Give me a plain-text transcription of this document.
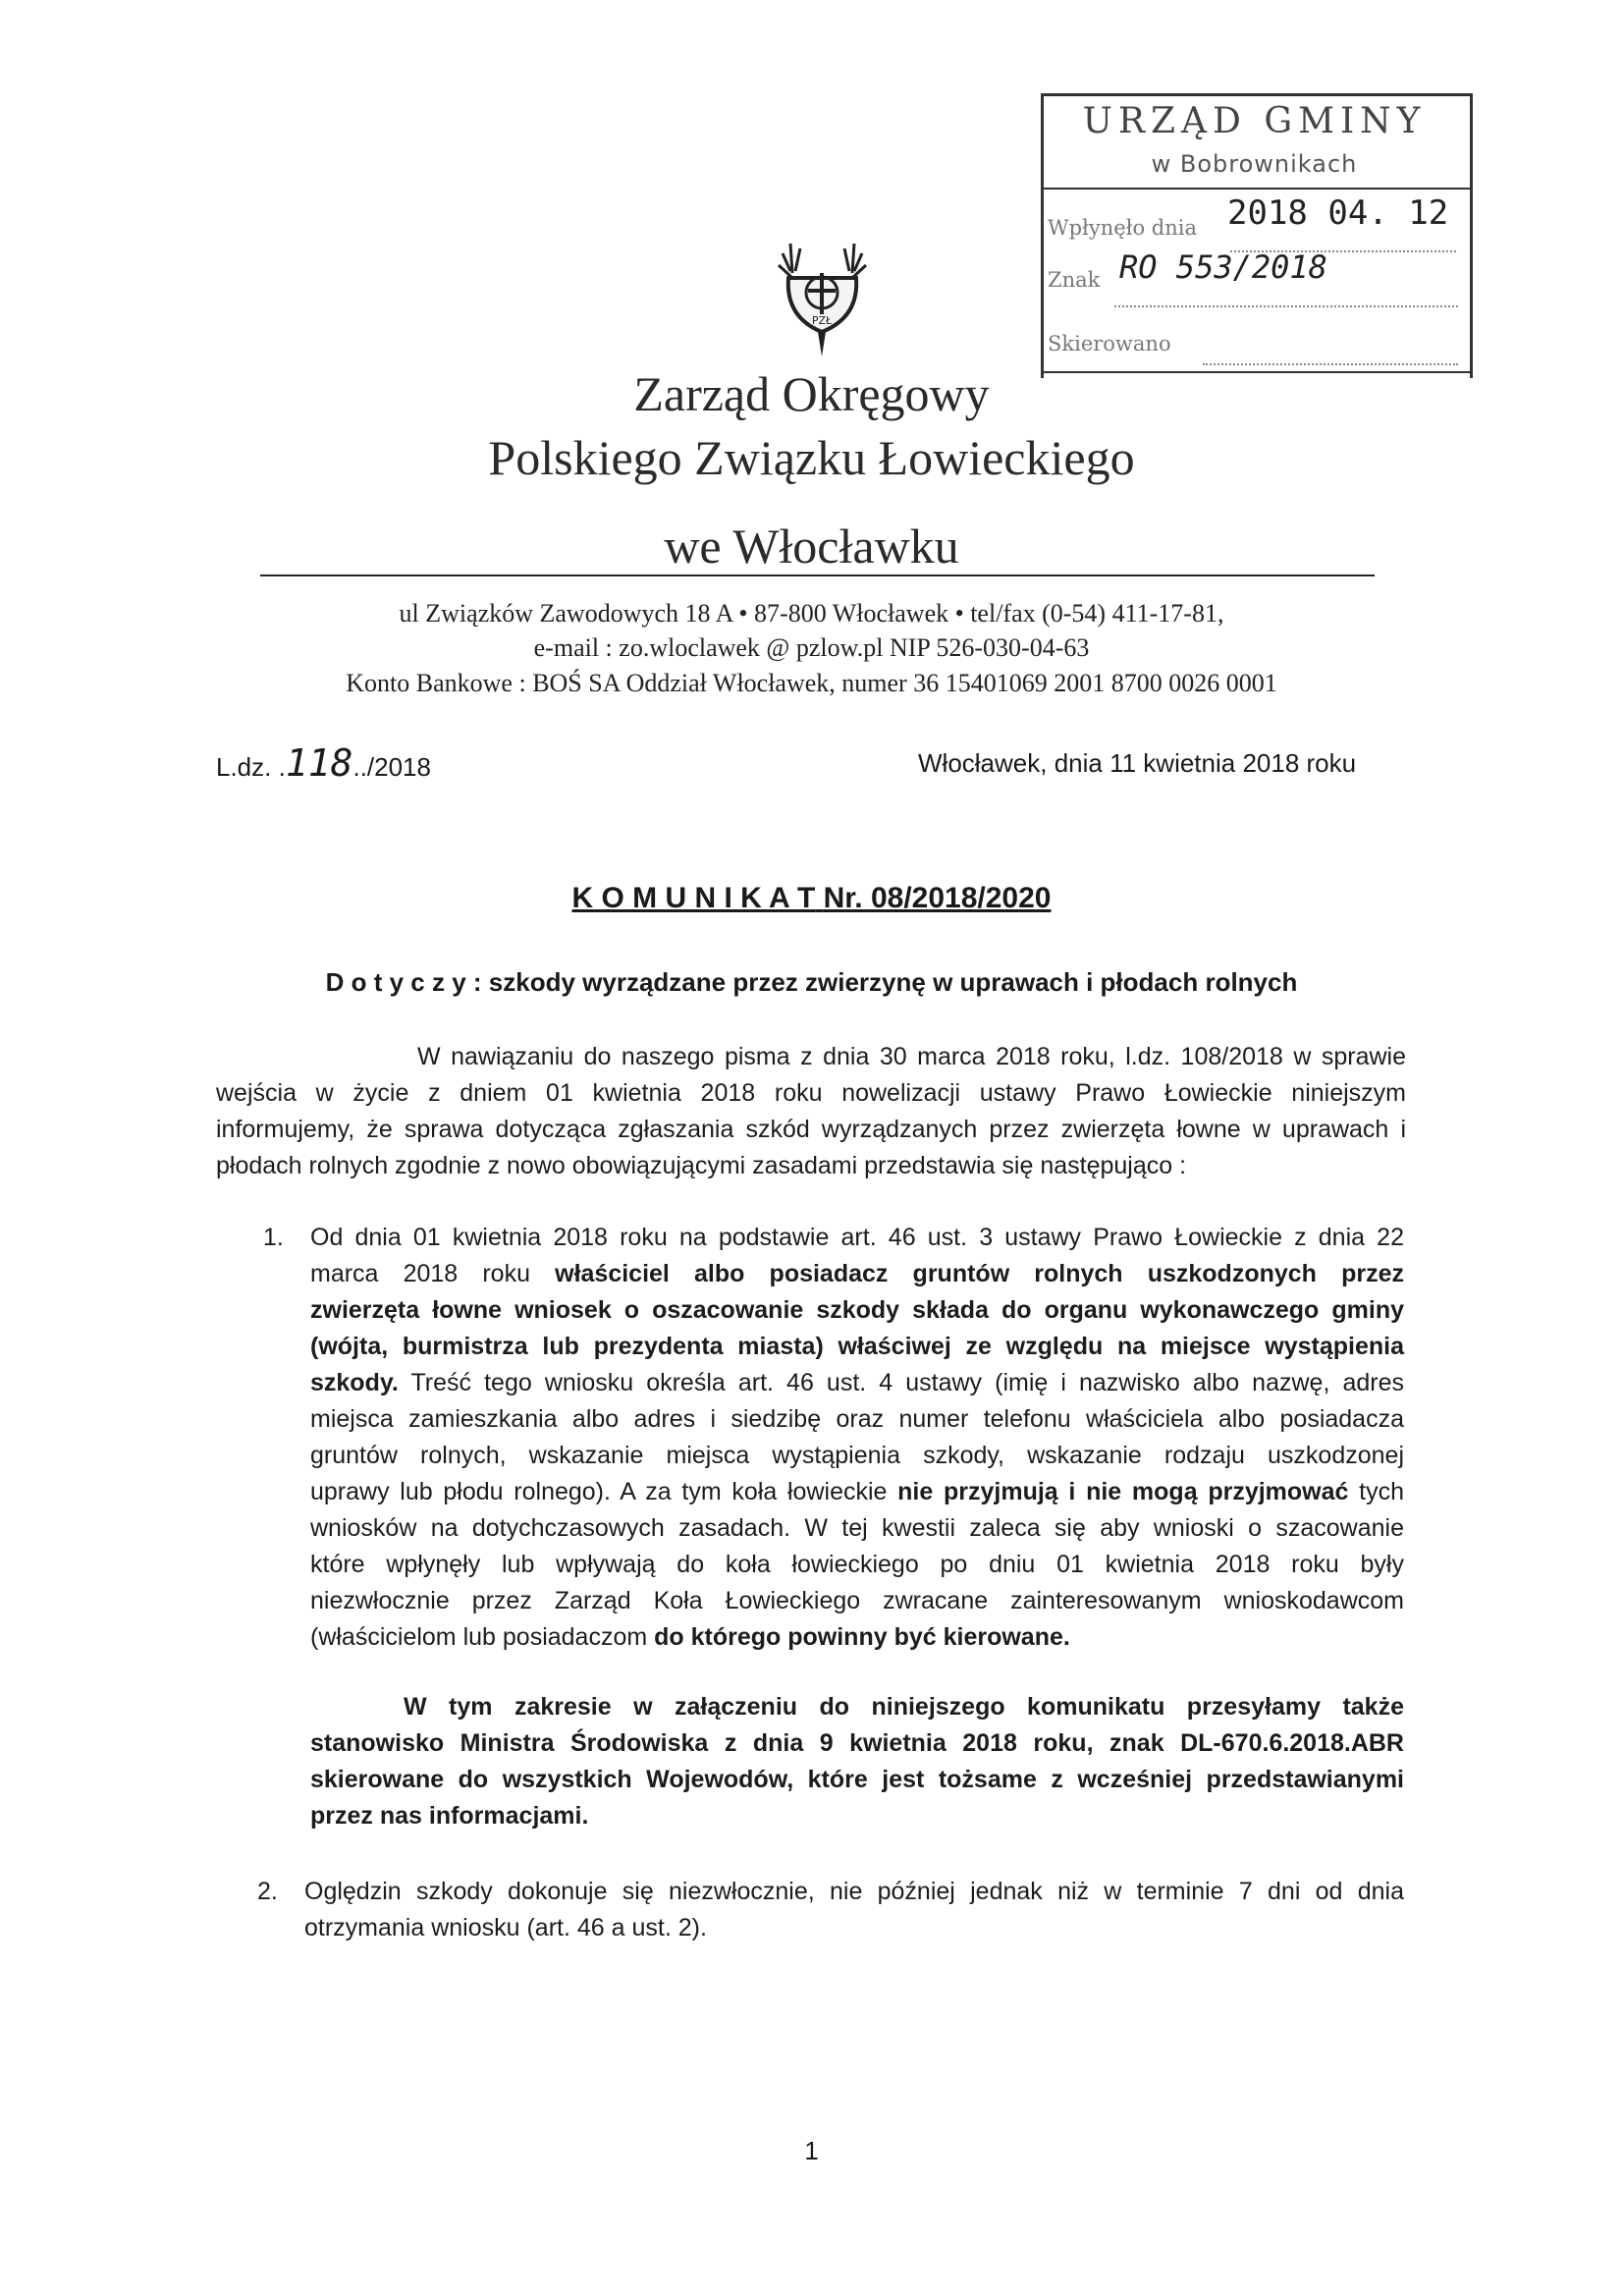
URZĄD GMINY
w Bobrownikach
Wpłynęło dnia 2018 04. 12
Znak RO 553/2018
Skierowano
PZŁ
Zarząd Okręgowy
Polskiego Związku Łowieckiego
we Włocławku
ul Związków Zawodowych 18 A • 87-800 Włocławek • tel/fax (0-54) 411-17-81,
e-mail : zo.wloclawek @ pzlow.pl NIP 526-030-04-63
Konto Bankowe : BOŚ SA Oddział Włocławek, numer 36 15401069 2001 8700 0026 0001
L.dz. .118../2018	Włocławek, dnia 11 kwietnia 2018 roku
K O M U N I K A T Nr. 08/2018/2020
D o t y c z y : szkody wyrządzane przez zwierzynę w uprawach i płodach rolnych
W nawiązaniu do naszego pisma z dnia 30 marca 2018 roku, l.dz. 108/2018 w sprawie
wejścia w życie z dniem 01 kwietnia 2018 roku nowelizacji ustawy Prawo Łowieckie niniejszym
informujemy, że sprawa dotycząca zgłaszania szkód wyrządzanych przez zwierzęta łowne w uprawach i
płodach rolnych zgodnie z nowo obowiązującymi zasadami przedstawia się następująco :
1. Od dnia 01 kwietnia 2018 roku na podstawie art. 46 ust. 3 ustawy Prawo Łowieckie z dnia 22
marca 2018 roku właściciel albo posiadacz gruntów rolnych uszkodzonych przez
zwierzęta łowne wniosek o oszacowanie szkody składa do organu wykonawczego gminy
(wójta, burmistrza lub prezydenta miasta) właściwej ze względu na miejsce wystąpienia
szkody. Treść tego wniosku określa art. 46 ust. 4 ustawy (imię i nazwisko albo nazwę, adres
miejsca zamieszkania albo adres i siedzibę oraz numer telefonu właściciela albo posiadacza
gruntów rolnych, wskazanie miejsca wystąpienia szkody, wskazanie rodzaju uszkodzonej
uprawy lub płodu rolnego). A za tym koła łowieckie nie przyjmują i nie mogą przyjmować tych
wniosków na dotychczasowych zasadach. W tej kwestii zaleca się aby wnioski o szacowanie
które wpłynęły lub wpływają do koła łowieckiego po dniu 01 kwietnia 2018 roku były
niezwłocznie przez Zarząd Koła Łowieckiego zwracane zainteresowanym wnioskodawcom
(właścicielom lub posiadaczom do którego powinny być kierowane.
W tym zakresie w załączeniu do niniejszego komunikatu przesyłamy także
stanowisko Ministra Środowiska z dnia 9 kwietnia 2018 roku, znak DL-670.6.2018.ABR
skierowane do wszystkich Wojewodów, które jest tożsame z wcześniej przedstawianymi
przez nas informacjami.
2. Oględzin szkody dokonuje się niezwłocznie, nie później jednak niż w terminie 7 dni od dnia
otrzymania wniosku (art. 46 a ust. 2).
1
